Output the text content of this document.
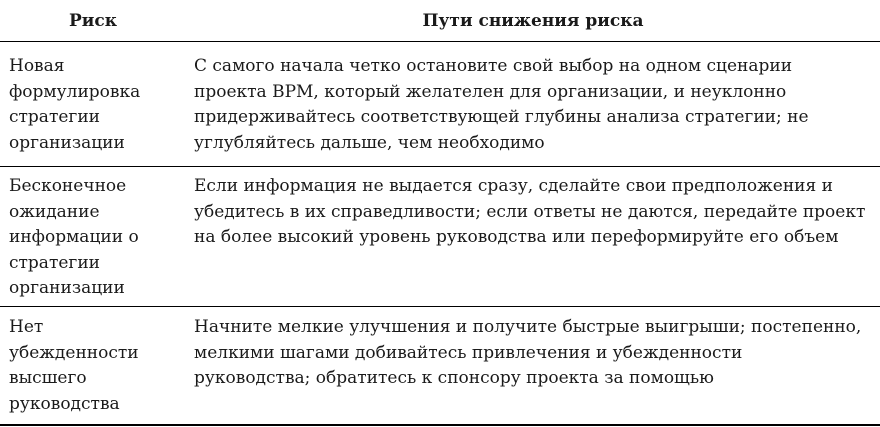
Риск	Пути снижения риска
Новая
формулировка
стратегии
организации
С самого начала четко остановите свой выбор на одном сценарии
проекта BPM, который желателен для организации, и неуклонно
придерживайтесь соответствующей глубины анализа стратегии; не
углубляйтесь дальше, чем необходимо
Бесконечное
ожидание
информации о
стратегии
организации
Если информация не выдается сразу, сделайте свои предположения и
убедитесь в их справедливости; если ответы не даются, передайте проект
на более высокий уровень руководства или переформируйте его объем
Нет
убежденности
высшего
руководства
Начните мелкие улучшения и получите быстрые выигрыши; постепенно,
мелкими шагами добивайтесь привлечения и убежденности
руководства; обратитесь к спонсору проекта за помощью
